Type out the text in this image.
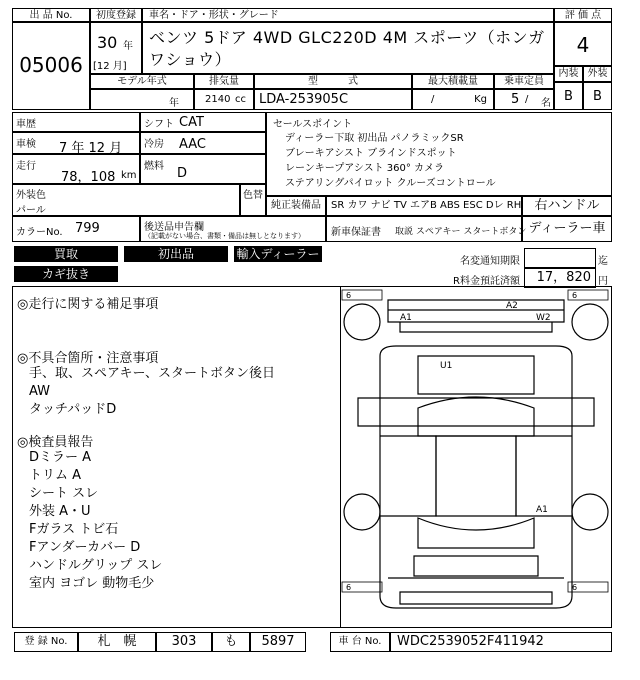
出 品 No.
05006
初度登録
30 年
[12 月]
車名・ドア・形状・グレード
ベンツ 5ドア 4WD GLC220D 4M スポーツ（ホンガワショウ）
評 価 点
4
内装 外装
B	B
モデル年式
年
排気量
2140 cc
型　　　式
LDA-253905C
最大積載量
/	Kg
乗車定員
5 / 名
車歴	シフト CAT
車検 7 年 12 月 冷房 AAC
走行
78，108 km
燃料 D
外装色
パール
色替
カラーNo. 799	後送品申告欄
（記載がない場合、書類・備品は無しとなります）
セールスポイント
ディーラー下取 初出品 パノラミックSR
ブレーキアシスト ブラインドスポット
レーンキープアシスト 360° カメラ
ステアリングパイロット クルーズコントロール
純正装備品	SR カワ ナビ TV エアB ABS ESC Dレ RH	右ハンドル
新車保証書 取説 スペアキー スタートボタン ディーラー車
買取	初出品	輸入ディーラー
カギ抜き
名変通知期限	迄
R料金預託済額	17，820 円
◎走行に関する補足事項
◎不具合箇所・注意事項
手、取、スペアキー、スタートボタン後日
AW
タッチパッドD
◎検査員報告
Dミラー A
トリム A
シート スレ
外装 A・U
Fガラス トビ石
Fアンダーカバー D
ハンドルグリップ スレ
室内 ヨゴレ 動物毛少
6	6
6	6
A2
A1	W2
U1
A1
登 録 No.	札　幌	303	も	5897	車 台 No.	WDC2539052F411942
